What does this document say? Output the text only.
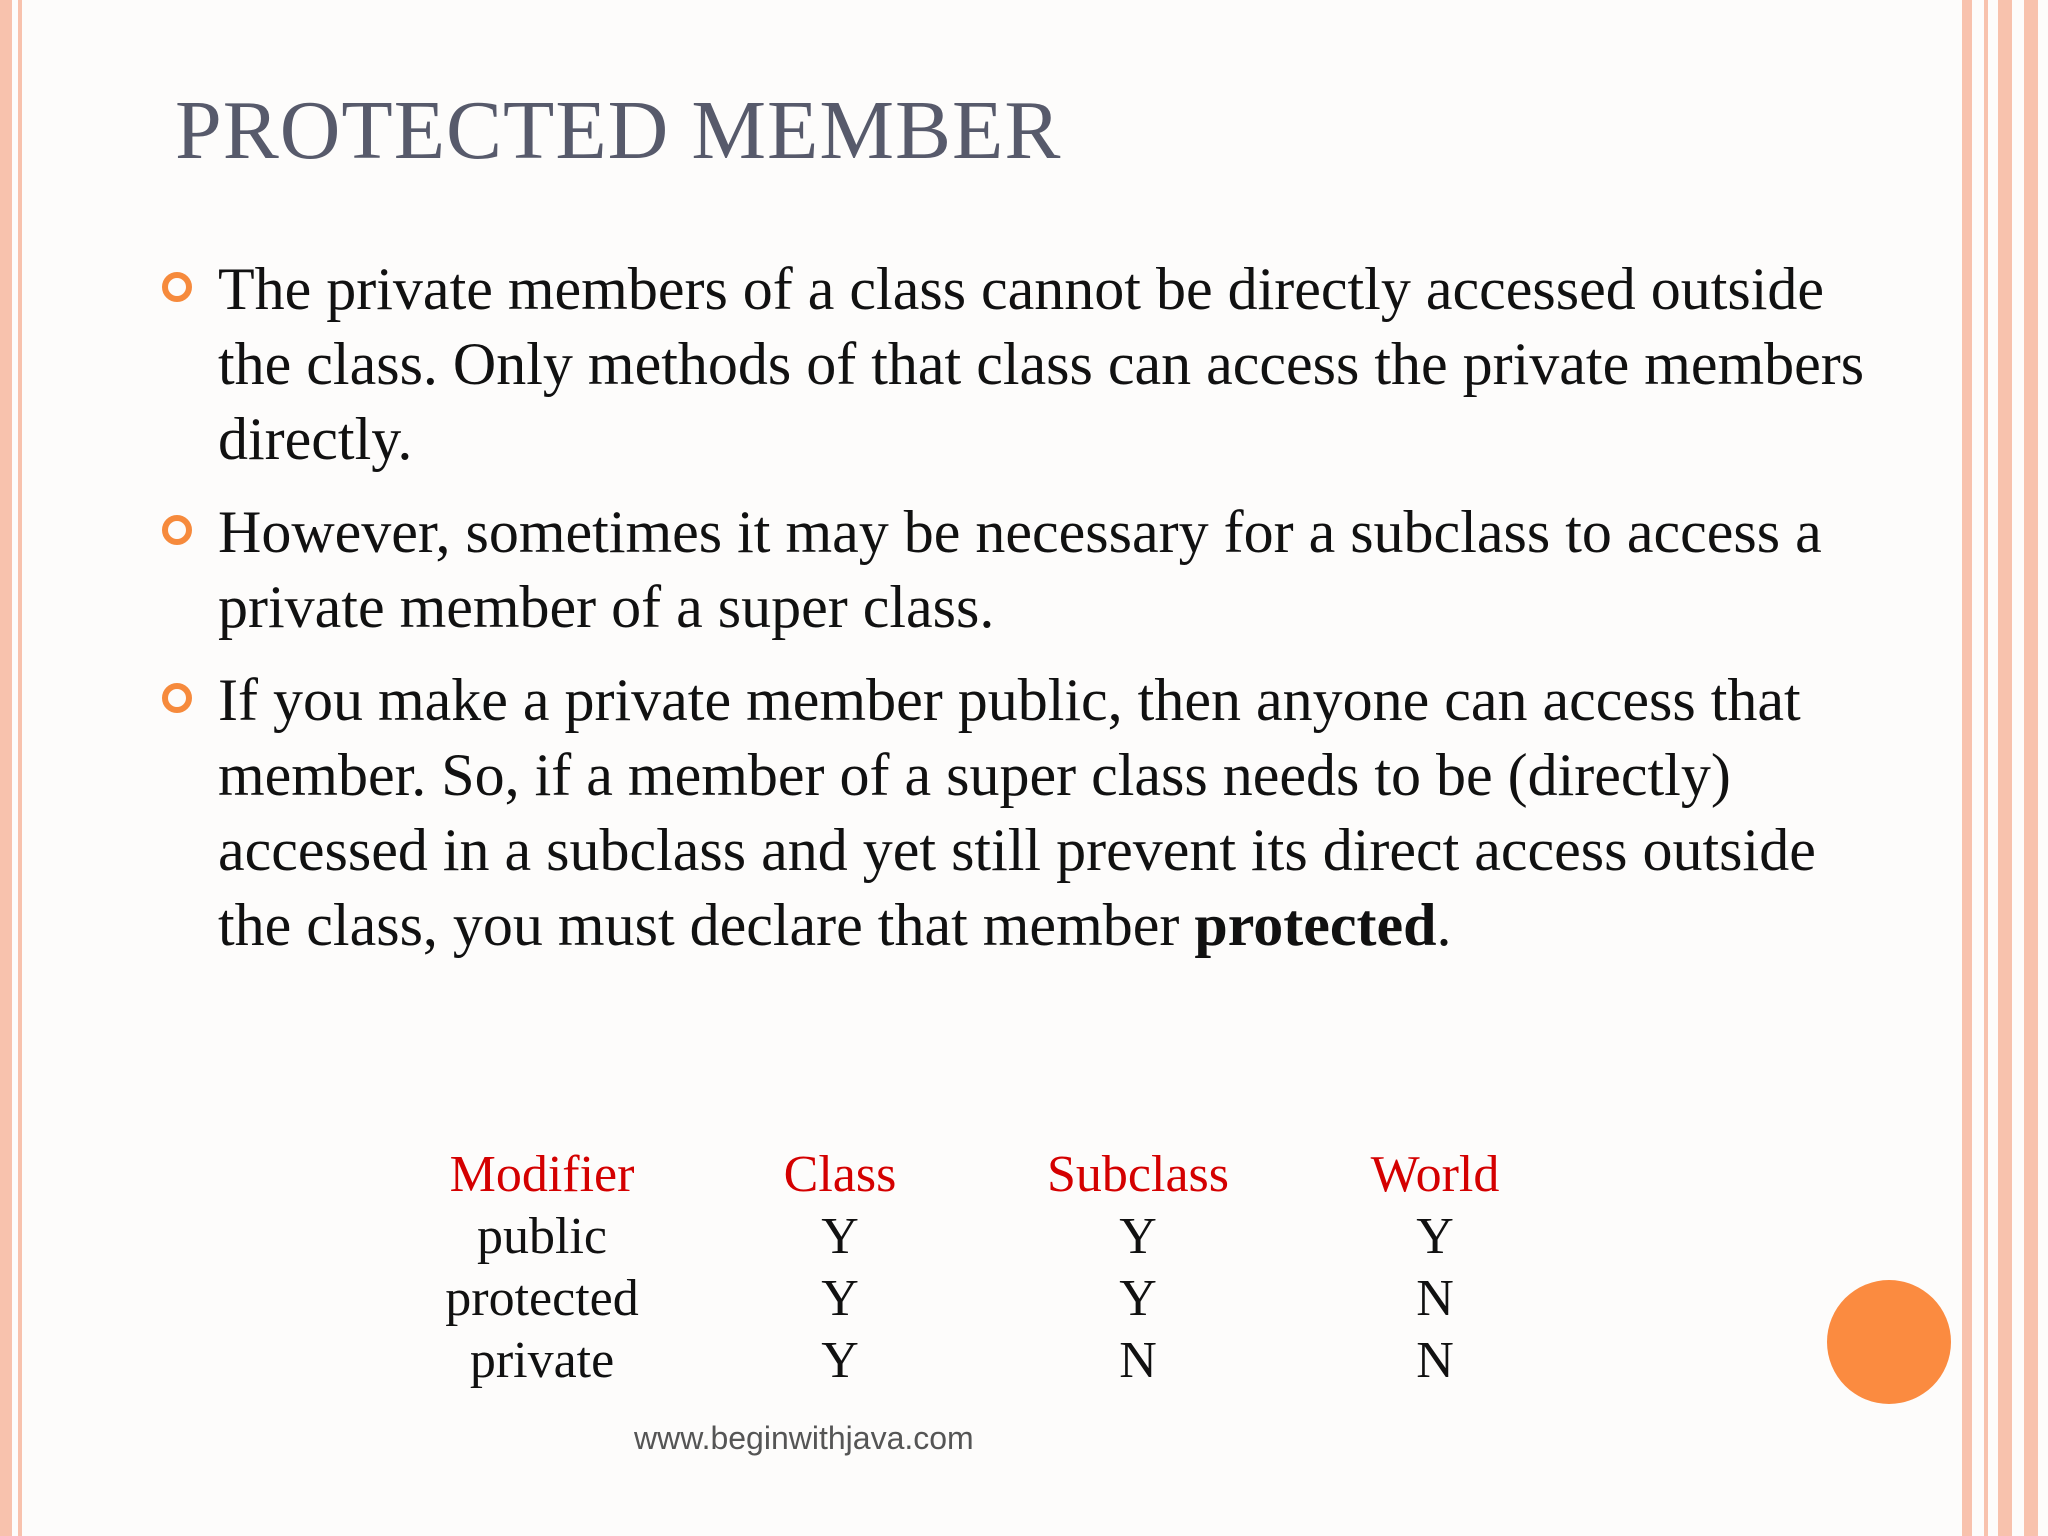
PROTECTED MEMBER
The private members of a class cannot be directly accessed outside the class. Only methods of that class can access the private members directly.
However, sometimes it may be necessary for a subclass to access a private member of a super class.
If you make a private member public, then anyone can access that member. So, if a member of a super class needs to be (directly) accessed in a subclass and yet still prevent its direct access outside the class, you must declare that member protected.
Modifier	Class	Subclass	World
public	Y	Y	Y
protected	Y	Y	N
private	Y	N	N
www.beginwithjava.com
